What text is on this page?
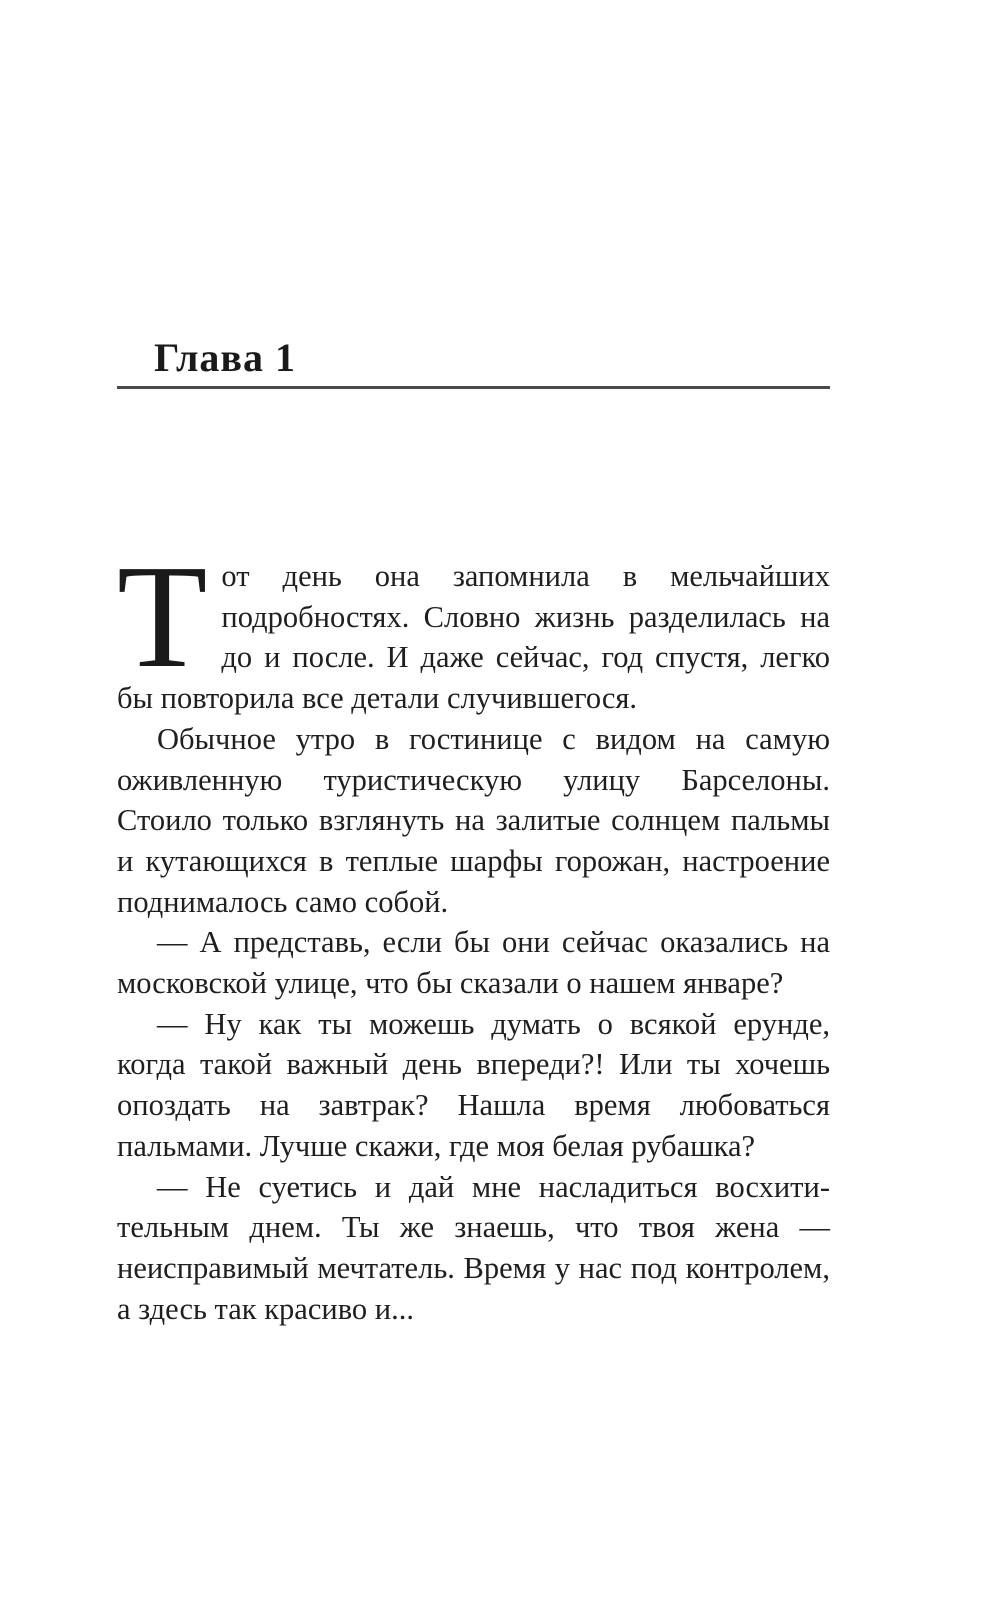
Глава 1

Тот день она запомнила в мельчайших подробностях. Словно жизнь разделилась на до и после. И даже сейчас, год спустя, легко бы повторила все детали случившегося.

Обычное утро в гостинице с видом на самую оживленную туристическую улицу Барселоны. Стоило только взглянуть на залитые солнцем пальмы и кутающихся в теплые шарфы горожан, настроение поднималось само собой.

— А представь, если бы они сейчас оказались на московской улице, что бы сказали о нашем январе?

— Ну как ты можешь думать о всякой ерунде, когда такой важный день впереди?! Или ты хочешь опоздать на завтрак? Нашла время любоваться пальмами. Лучше скажи, где моя белая рубашка?

— Не суетись и дай мне насладиться восхитительным днем. Ты же знаешь, что твоя жена — неисправимый мечтатель. Время у нас под контролем, а здесь так красиво и...
